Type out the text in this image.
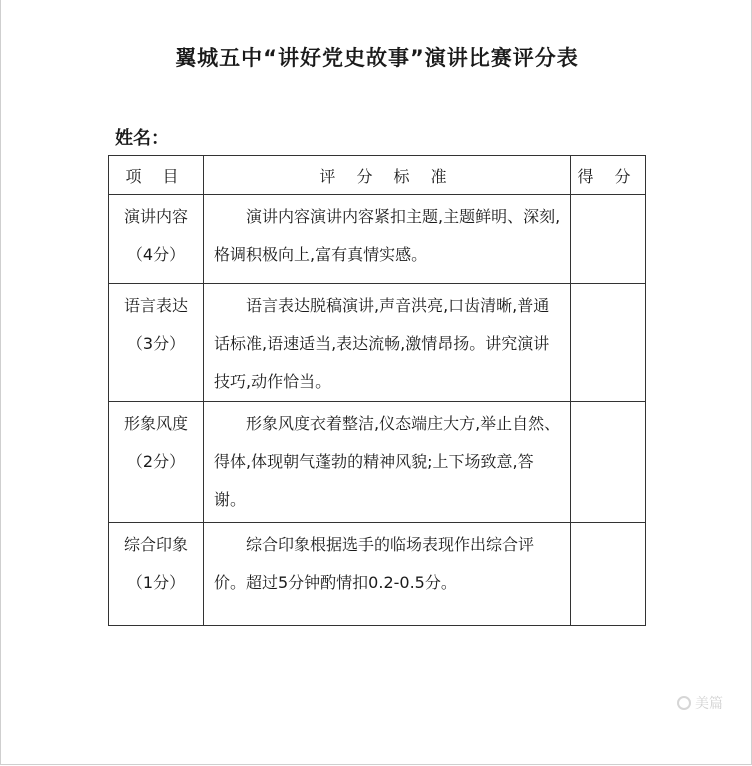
翼城五中“讲好党史故事”演讲比赛评分表
姓名：
项 目	评 分 标 准	得 分

演讲内容
（4分）	演讲内容演讲内容紧扣主题,主题鲜明、深刻,格调积极向上,富有真情实感。	

语言表达
（3分）	语言表达脱稿演讲,声音洪亮,口齿清晰,普通话标准,语速适当,表达流畅,激情昂扬。讲究演讲技巧,动作恰当。	

形象风度
（2分）	形象风度衣着整洁,仪态端庄大方,举止自然、得体,体现朝气蓬勃的精神风貌;上下场致意,答谢。	

综合印象
（1分）	综合印象根据选手的临场表现作出综合评价。超过5分钟酌情扣0.2-0.5分。	
美篇
